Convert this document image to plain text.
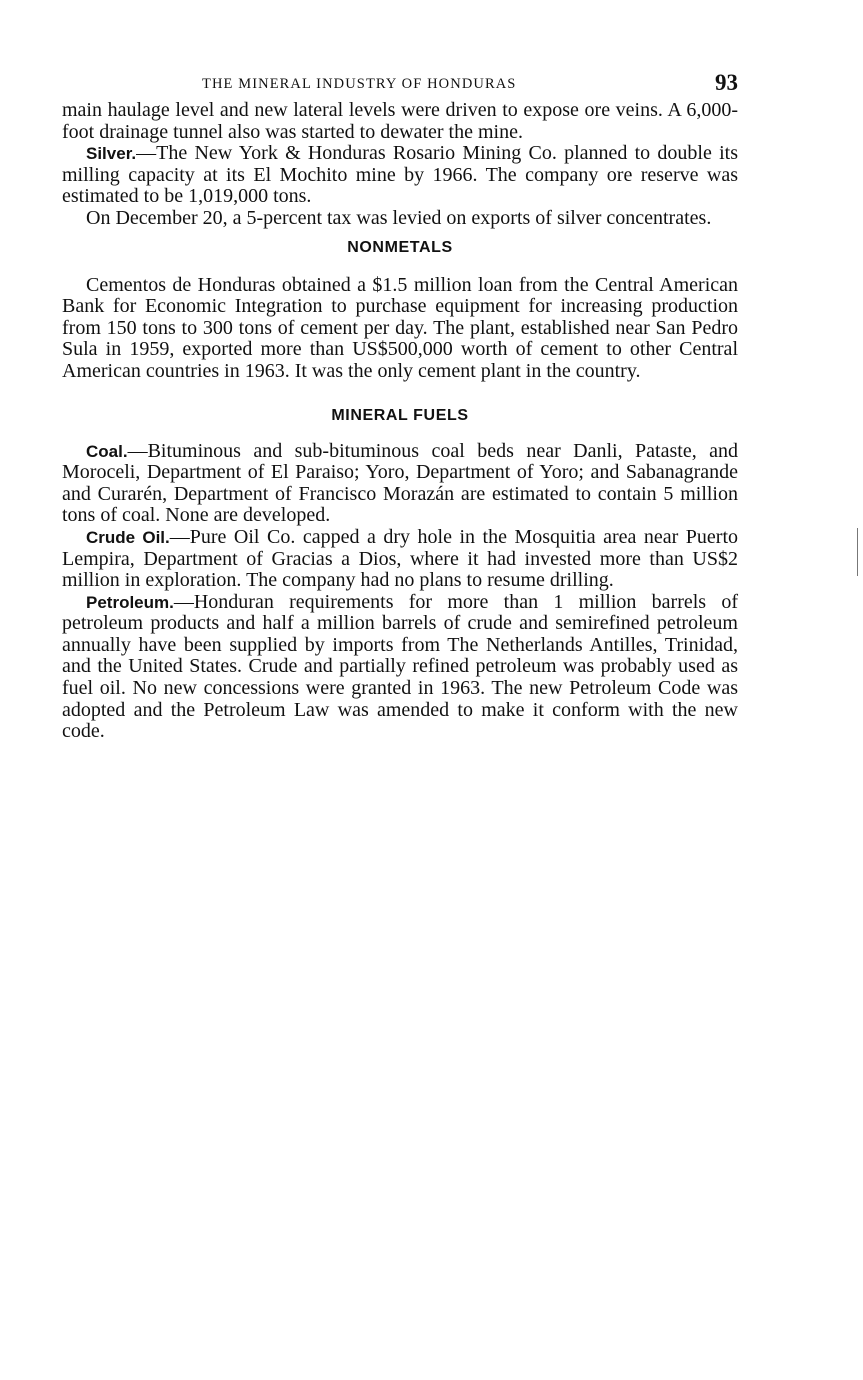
THE MINERAL INDUSTRY OF HONDURAS	93

main haulage level and new lateral levels were driven to expose ore veins. A 6,000-foot drainage tunnel also was started to dewater the mine.

Silver.—The New York & Honduras Rosario Mining Co. planned to double its milling capacity at its El Mochito mine by 1966. The company ore reserve was estimated to be 1,019,000 tons.

On December 20, a 5-percent tax was levied on exports of silver concentrates.

NONMETALS

Cementos de Honduras obtained a $1.5 million loan from the Central American Bank for Economic Integration to purchase equipment for increasing production from 150 tons to 300 tons of cement per day. The plant, established near San Pedro Sula in 1959, exported more than US$500,000 worth of cement to other Central American countries in 1963. It was the only cement plant in the country.

MINERAL FUELS

Coal.—Bituminous and sub-bituminous coal beds near Danli, Pataste, and Moroceli, Department of El Paraiso; Yoro, Department of Yoro; and Sabanagrande and Curarén, Department of Francisco Morazán are estimated to contain 5 million tons of coal. None are developed.

Crude Oil.—Pure Oil Co. capped a dry hole in the Mosquitia area near Puerto Lempira, Department of Gracias a Dios, where it had invested more than US$2 million in exploration. The company had no plans to resume drilling.

Petroleum.—Honduran requirements for more than 1 million barrels of petroleum products and half a million barrels of crude and semirefined petroleum annually have been supplied by imports from The Netherlands Antilles, Trinidad, and the United States. Crude and partially refined petroleum was probably used as fuel oil. No new concessions were granted in 1963. The new Petroleum Code was adopted and the Petroleum Law was amended to make it conform with the new code.
